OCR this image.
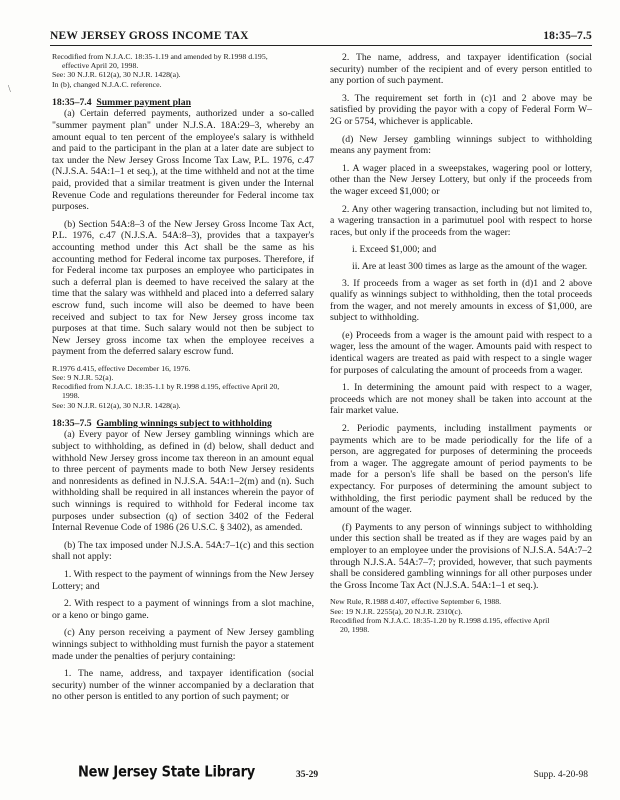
NEW JERSEY GROSS INCOME TAX	18:35–7.5
\

Recodified from N.J.A.C. 18:35-1.19 and amended by R.1998 d.195,

effective April 20, 1998.

See: 30 N.J.R. 612(a), 30 N.J.R. 1428(a).

In (b), changed N.J.A.C. reference.

18:35–7.4 Summer payment plan

(a) Certain deferred payments, authorized under a so-called "summer payment plan" under N.J.S.A. 18A:29–3, whereby an amount equal to ten percent of the employee's salary is withheld and paid to the participant in the plan at a later date are subject to tax under the New Jersey Gross Income Tax Law, P.L. 1976, c.47 (N.J.S.A. 54A:1–1 et seq.), at the time withheld and not at the time paid, provided that a similar treatment is given under the Internal Revenue Code and regulations thereunder for Federal income tax purposes.

(b) Section 54A:8–3 of the New Jersey Gross Income Tax Act, P.L. 1976, c.47 (N.J.S.A. 54A:8–3), provides that a taxpayer's accounting method under this Act shall be the same as his accounting method for Federal income tax purposes. Therefore, if for Federal income tax purposes an employee who participates in such a deferral plan is deemed to have received the salary at the time that the salary was withheld and placed into a deferred salary escrow fund, such income will also be deemed to have been received and subject to tax for New Jersey gross income tax purposes at that time. Such salary would not then be subject to New Jersey gross income tax when the employee receives a payment from the deferred salary escrow fund.

R.1976 d.415, effective December 16, 1976.

See: 9 N.J.R. 52(a).

Recodified from N.J.A.C. 18:35-1.1 by R.1998 d.195, effective April 20,

1998.

See: 30 N.J.R. 612(a), 30 N.J.R. 1428(a).

18:35–7.5 Gambling winnings subject to withholding

(a) Every payor of New Jersey gambling winnings which are subject to withholding, as defined in (d) below, shall deduct and withhold New Jersey gross income tax thereon in an amount equal to three percent of payments made to both New Jersey residents and nonresidents as defined in N.J.S.A. 54A:1–2(m) and (n). Such withholding shall be required in all instances wherein the payor of such winnings is required to withhold for Federal income tax purposes under subsection (q) of section 3402 of the Federal Internal Revenue Code of 1986 (26 U.S.C. § 3402), as amended.

(b) The tax imposed under N.J.S.A. 54A:7–1(c) and this section shall not apply:

1. With respect to the payment of winnings from the New Jersey Lottery; and

2. With respect to a payment of winnings from a slot machine, or a keno or bingo game.

(c) Any person receiving a payment of New Jersey gambling winnings subject to withholding must furnish the payor a statement made under the penalties of perjury containing:

1. The name, address, and taxpayer identification (social security) number of the winner accompanied by a declaration that no other person is entitled to any portion of such payment; or

2. The name, address, and taxpayer identification (social security) number of the recipient and of every person entitled to any portion of such payment.

3. The requirement set forth in (c)1 and 2 above may be satisfied by providing the payor with a copy of Federal Form W–2G or 5754, whichever is applicable.

(d) New Jersey gambling winnings subject to withholding means any payment from:

1. A wager placed in a sweepstakes, wagering pool or lottery, other than the New Jersey Lottery, but only if the proceeds from the wager exceed $1,000; or

2. Any other wagering transaction, including but not limited to, a wagering transaction in a parimutuel pool with respect to horse races, but only if the proceeds from the wager:

i. Exceed $1,000; and

ii. Are at least 300 times as large as the amount of the wager.

3. If proceeds from a wager as set forth in (d)1 and 2 above qualify as winnings subject to withholding, then the total proceeds from the wager, and not merely amounts in excess of $1,000, are subject to withholding.

(e) Proceeds from a wager is the amount paid with respect to a wager, less the amount of the wager. Amounts paid with respect to identical wagers are treated as paid with respect to a single wager for purposes of calculating the amount of proceeds from a wager.

1. In determining the amount paid with respect to a wager, proceeds which are not money shall be taken into account at the fair market value.

2. Periodic payments, including installment payments or payments which are to be made periodically for the life of a person, are aggregated for purposes of determining the proceeds from a wager. The aggregate amount of period payments to be made for a person's life shall be based on the person's life expectancy. For purposes of determining the amount subject to withholding, the first periodic payment shall be reduced by the amount of the wager.

(f) Payments to any person of winnings subject to withholding under this section shall be treated as if they are wages paid by an employer to an employee under the provisions of N.J.S.A. 54A:7–2 through N.J.S.A. 54A:7–7; provided, however, that such payments shall be considered gambling winnings for all other purposes under the Gross Income Tax Act (N.J.S.A. 54A:1–1 et seq.).

New Rule, R.1988 d.407, effective September 6, 1988.

See: 19 N.J.R. 2255(a), 20 N.J.R. 2310(c).

Recodified from N.J.A.C. 18:35-1.20 by R.1998 d.195, effective April

20, 1998.

New Jersey State Library	35-29	Supp. 4-20-98
